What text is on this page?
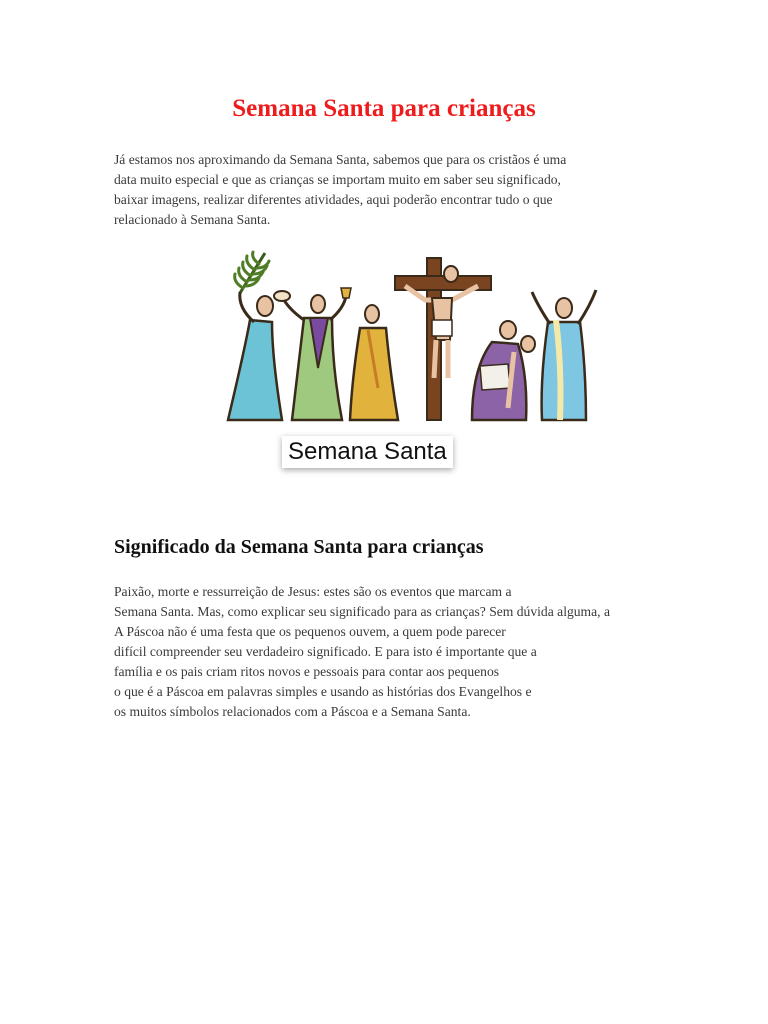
Semana Santa para crianças
Já estamos nos aproximando da Semana Santa, sabemos que para os cristãos é uma
data muito especial e que as crianças se importam muito em saber seu significado,
baixar imagens, realizar diferentes atividades, aqui poderão encontrar tudo o que
relacionado à Semana Santa.
Semana Santa
Significado da Semana Santa para crianças
Paixão, morte e ressurreição de Jesus: estes são os eventos que marcam a
Semana Santa. Mas, como explicar seu significado para as crianças? Sem dúvida alguma, a
A Páscoa não é uma festa que os pequenos ouvem, a quem pode parecer
difícil compreender seu verdadeiro significado. E para isto é importante que a
família e os pais criam ritos novos e pessoais para contar aos pequenos
o que é a Páscoa em palavras simples e usando as histórias dos Evangelhos e
os muitos símbolos relacionados com a Páscoa e a Semana Santa.
